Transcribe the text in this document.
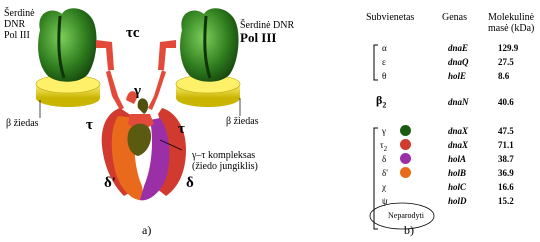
Šerdinė
DNR
Pol III
Šerdinė DNR
Pol III
τc
γ
τ	τ
δ'	δ
β žiedas	β žiedas
γ–τ kompleksas
(žiedo jungiklis)
a)
Subvienetas	Genas Molekulinė
masė (kDa)
α	dnaE	129.9
ε	dnaQ	27.5
θ	holE	8.6
$\beta_2$	dnaN	40.6
γ	dnaX	47.5
$\tau_2$	dnaX	71.1
δ	holA	38.7
δ'	holB	36.9
χ	holC	16.6
ψ	holD	15.2
Neparodyti
b)
